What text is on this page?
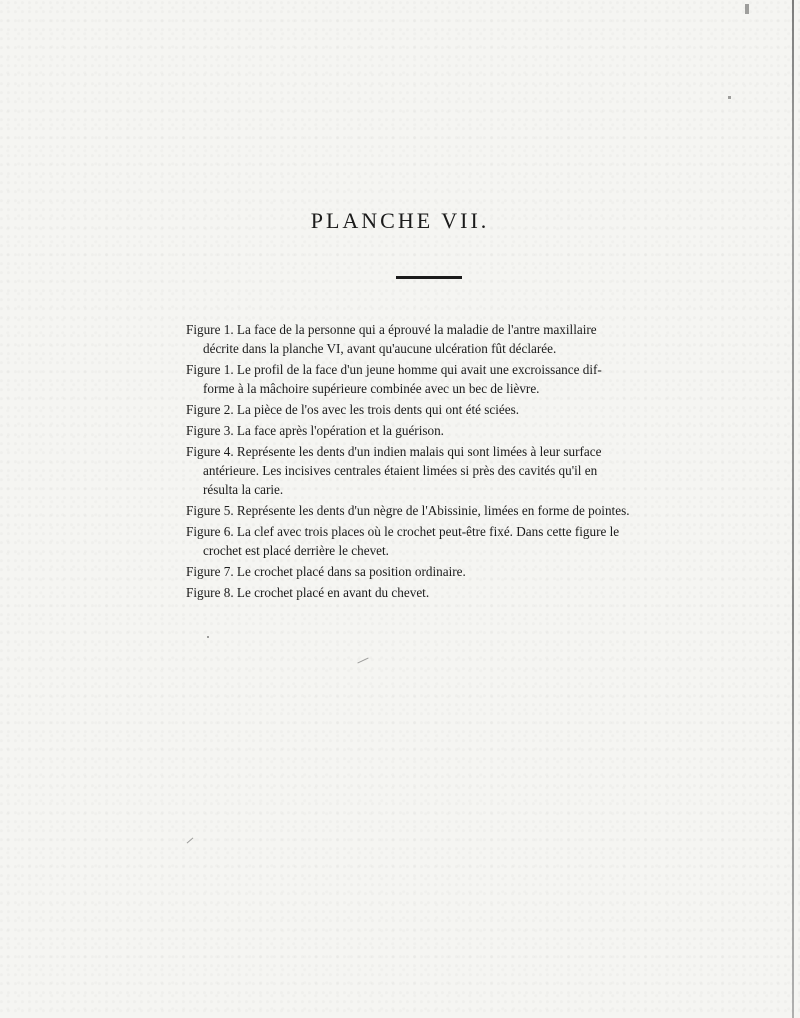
PLANCHE VII.
Figure 1. La face de la personne qui a éprouvé la maladie de l'antre maxillaire
décrite dans la planche VI, avant qu'aucune ulcération fût déclarée.
Figure 1. Le profil de la face d'un jeune homme qui avait une excroissance dif-
forme à la mâchoire supérieure combinée avec un bec de lièvre.
Figure 2. La pièce de l'os avec les trois dents qui ont été sciées.
Figure 3. La face après l'opération et la guérison.
Figure 4. Représente les dents d'un indien malais qui sont limées à leur surface
antérieure. Les incisives centrales étaient limées si près des cavités qu'il en
résulta la carie.
Figure 5. Représente les dents d'un nègre de l'Abissinie, limées en forme de pointes.
Figure 6. La clef avec trois places où le crochet peut-être fixé. Dans cette figure le
crochet est placé derrière le chevet.
Figure 7. Le crochet placé dans sa position ordinaire.
Figure 8. Le crochet placé en avant du chevet.
